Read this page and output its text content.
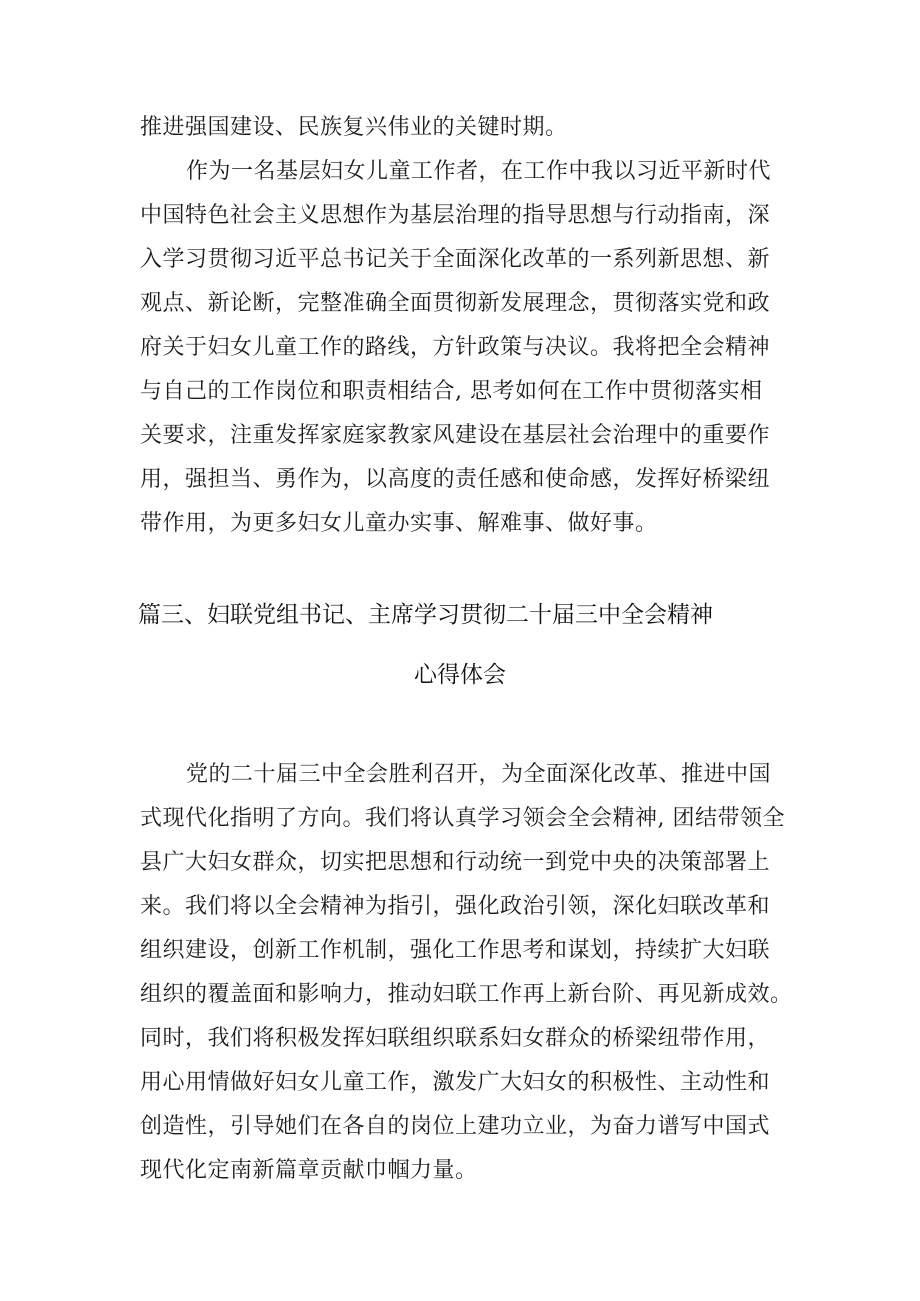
推进强国建设、民族复兴伟业的关键时期。
作为一名基层妇女儿童工作者，在工作中我以习近平新时代
中国特色社会主义思想作为基层治理的指导思想与行动指南，深
入学习贯彻习近平总书记关于全面深化改革的一系列新思想、新
观点、新论断，完整准确全面贯彻新发展理念，贯彻落实党和政
府关于妇女儿童工作的路线，方针政策与决议。我将把全会精神
与自己的工作岗位和职责相结合, 思考如何在工作中贯彻落实相
关要求，注重发挥家庭家教家风建设在基层社会治理中的重要作
用，强担当、勇作为，以高度的责任感和使命感，发挥好桥梁纽
带作用，为更多妇女儿童办实事、解难事、做好事。
篇三、妇联党组书记、主席学习贯彻二十届三中全会精神
心得体会
党的二十届三中全会胜利召开，为全面深化改革、推进中国
式现代化指明了方向。我们将认真学习领会全会精神, 团结带领全
县广大妇女群众，切实把思想和行动统一到党中央的决策部署上
来。我们将以全会精神为指引，强化政治引领，深化妇联改革和
组织建设，创新工作机制，强化工作思考和谋划，持续扩大妇联
组织的覆盖面和影响力，推动妇联工作再上新台阶、再见新成效。
同时，我们将积极发挥妇联组织联系妇女群众的桥梁纽带作用，
用心用情做好妇女儿童工作，激发广大妇女的积极性、主动性和
创造性，引导她们在各自的岗位上建功立业，为奋力谱写中国式
现代化定南新篇章贡献巾帼力量。
